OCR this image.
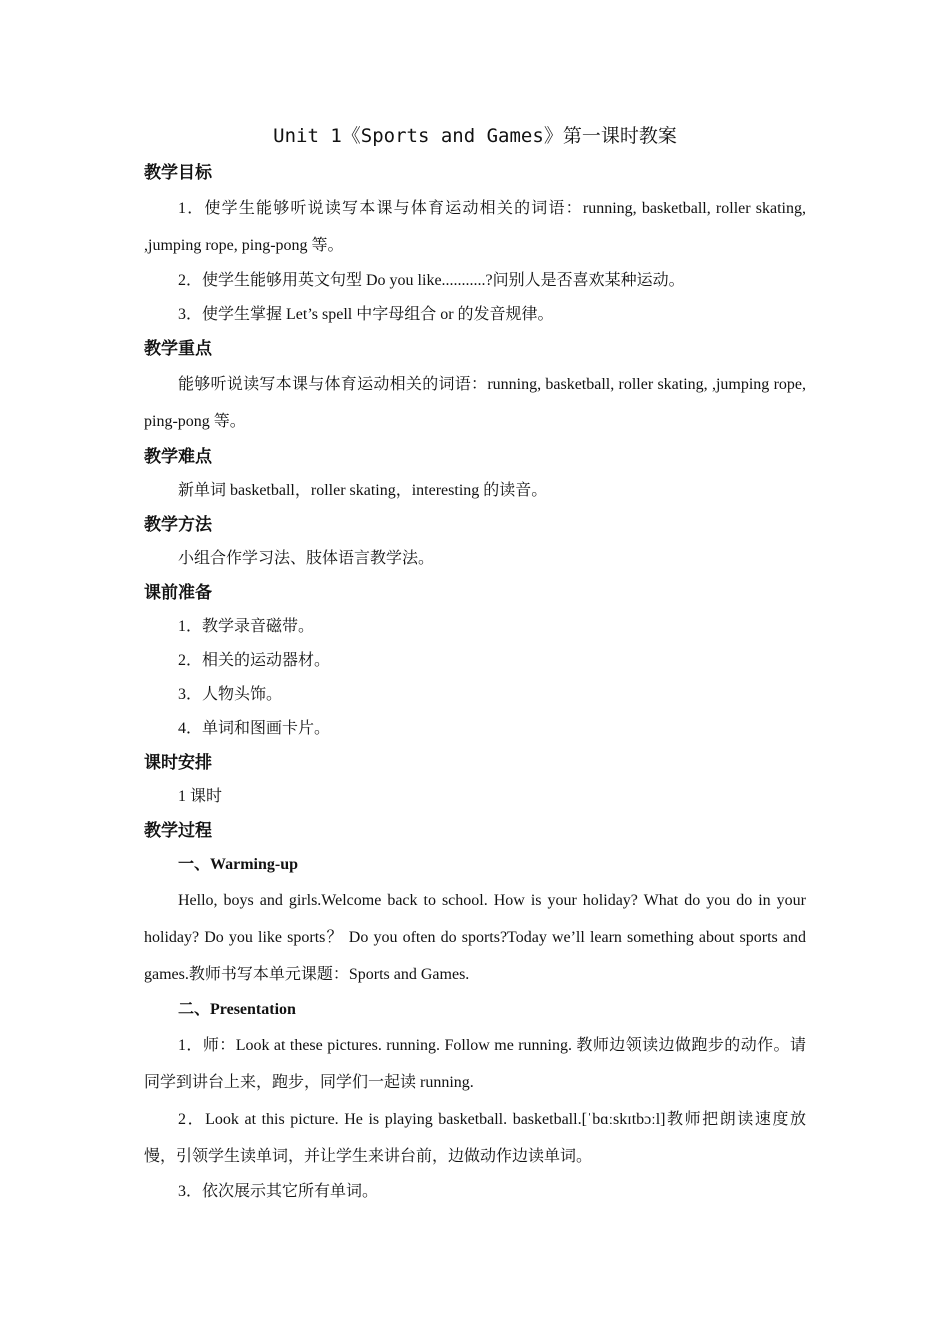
Unit 1《Sports and Games》第一课时教案
教学目标
1．使学生能够听说读写本课与体育运动相关的词语：running, basketball, roller skating, ,jumping rope, ping-pong 等。
2．使学生能够用英文句型 Do you like...........?问别人是否喜欢某种运动。
3．使学生掌握 Let’s spell 中字母组合 or 的发音规律。
教学重点
能够听说读写本课与体育运动相关的词语：running, basketball, roller skating, ,jumping rope, ping-pong 等。
教学难点
新单词 basketball，roller skating，interesting 的读音。
教学方法
小组合作学习法、肢体语言教学法。
课前准备
1．教学录音磁带。
2．相关的运动器材。
3．人物头饰。
4．单词和图画卡片。
课时安排
1 课时
教学过程
一、Warming-up
Hello, boys and girls.Welcome back to school. How is your holiday? What do you do in your holiday? Do you like sports？ Do you often do sports?Today we’ll learn something about sports and games.教师书写本单元课题：Sports and Games.
二、Presentation
1．师：Look at these pictures. running. Follow me running. 教师边领读边做跑步的动作。请同学到讲台上来，跑步，同学们一起读 running.
2．Look at this picture. He is playing basketball. basketball.[ˈbɑːskɪtbɔːl]教师把朗读速度放慢，引领学生读单词，并让学生来讲台前，边做动作边读单词。
3．依次展示其它所有单词。
